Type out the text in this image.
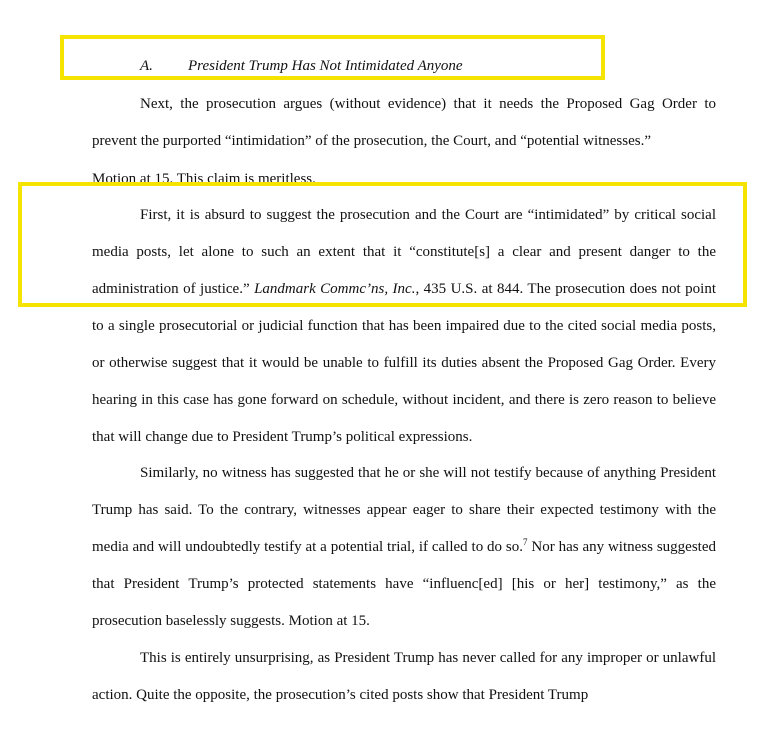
A. President Trump Has Not Intimidated Anyone

Next, the prosecution argues (without evidence) that it needs the Proposed Gag Order to prevent the purported “intimidation” of the prosecution, the Court, and “potential witnesses.”

Motion at 15. This claim is meritless.

First, it is absurd to suggest the prosecution and the Court are “intimidated” by critical social media posts, let alone to such an extent that it “constitute[s] a clear and present danger to the administration of justice.” Landmark Commc’ns, Inc., 435 U.S. at 844. The prosecution does not point to a single prosecutorial or judicial function that has been impaired due to the cited social media posts, or otherwise suggest that it would be unable to fulfill its duties absent the Proposed Gag Order. Every hearing in this case has gone forward on schedule, without incident, and there is zero reason to believe that will change due to President Trump’s political expressions.

Similarly, no witness has suggested that he or she will not testify because of anything President Trump has said. To the contrary, witnesses appear eager to share their expected testimony with the media and will undoubtedly testify at a potential trial, if called to do so.$^7$ Nor has any witness suggested that President Trump’s protected statements have “influenc[ed] [his or her] testimony,” as the prosecution baselessly suggests. Motion at 15.

This is entirely unsurprising, as President Trump has never called for any improper or unlawful action. Quite the opposite, the prosecution’s cited posts show that President Trump
